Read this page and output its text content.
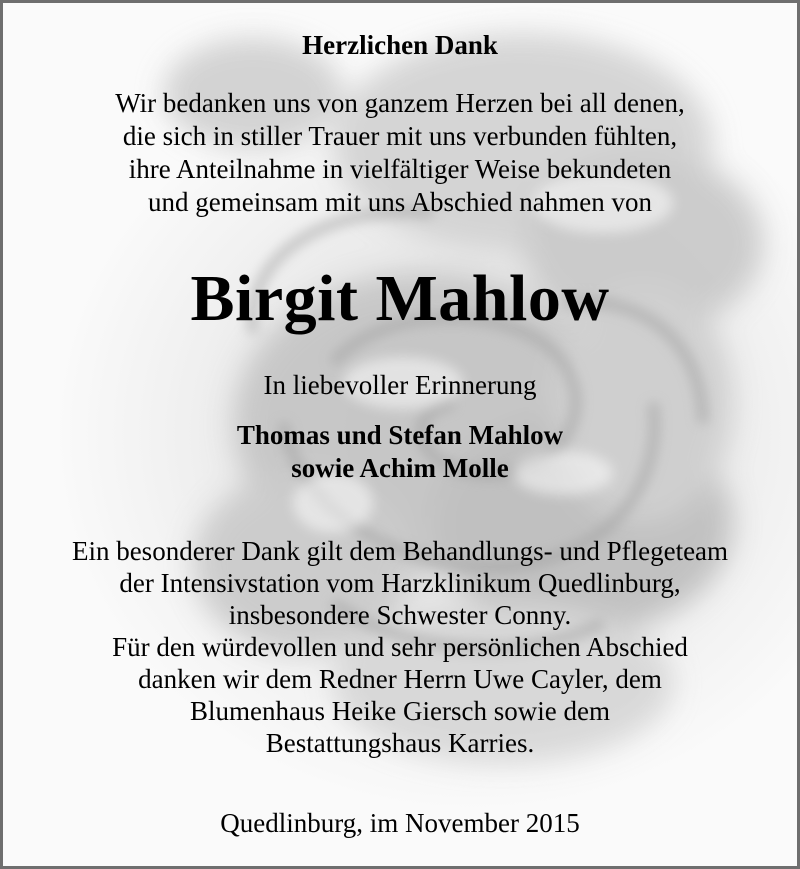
Herzlichen Dank
Wir bedanken uns von ganzem Herzen bei all denen,
die sich in stiller Trauer mit uns verbunden fühlten,
ihre Anteilnahme in vielfältiger Weise bekundeten
und gemeinsam mit uns Abschied nahmen von
Birgit Mahlow
In liebevoller Erinnerung
Thomas und Stefan Mahlow
sowie Achim Molle
Ein besonderer Dank gilt dem Behandlungs- und Pflegeteam
der Intensivstation vom Harzklinikum Quedlinburg,
insbesondere Schwester Conny.
Für den würdevollen und sehr persönlichen Abschied
danken wir dem Redner Herrn Uwe Cayler, dem
Blumenhaus Heike Giersch sowie dem
Bestattungshaus Karries.
Quedlinburg, im November 2015
